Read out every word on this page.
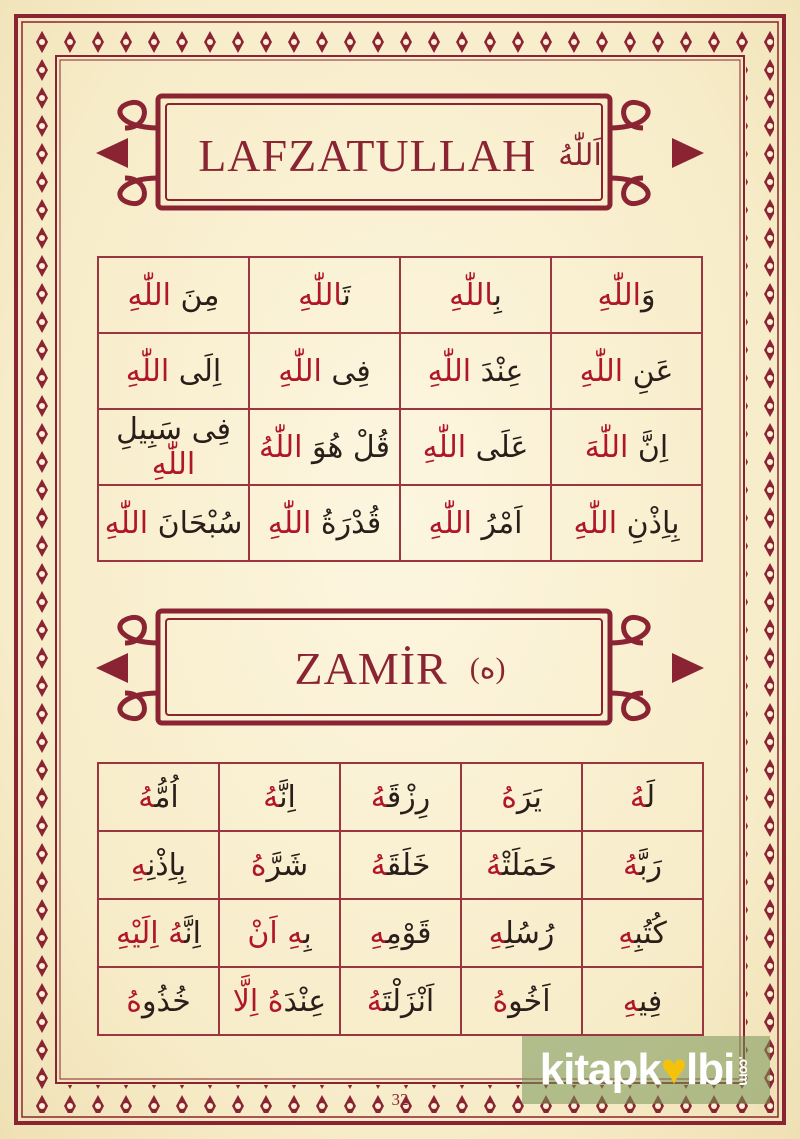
LAFZATULLAH اَللّٰهُ
وَاللّٰهِ	بِاللّٰهِ	تَاللّٰهِ	مِنَ اللّٰهِ
عَنِ اللّٰهِ	عِنْدَ اللّٰهِ	فِى اللّٰهِ	اِلَى اللّٰهِ
اِنَّ اللّٰهَ	عَلَى اللّٰهِ	قُلْ هُوَ اللّٰهُ	فِى سَبِيلِ اللّٰهِ
بِاِذْنِ اللّٰهِ	اَمْرُ اللّٰهِ	قُدْرَةُ اللّٰهِ	سُبْحَانَ اللّٰهِ
ZAMİR (ه)
لَهُ	يَرَهُ	رِزْقَهُ	اِنَّهُ	اُمُّهُ
رَبَّهُ	حَمَلَتْهُ	خَلَقَهُ	شَرَّهُ	بِاِذْنِهِ
كُتُبِهِ	رُسُلِهِ	قَوْمِهِ	بِهِ اَنْ	اِنَّهُ اِلَيْهِ
فِيهِ	اَخُوهُ	اَنْزَلْتَهُ	عِنْدَهُ اِلَّا	خُذُوهُ
32
kitapk ♥ lbi .com
